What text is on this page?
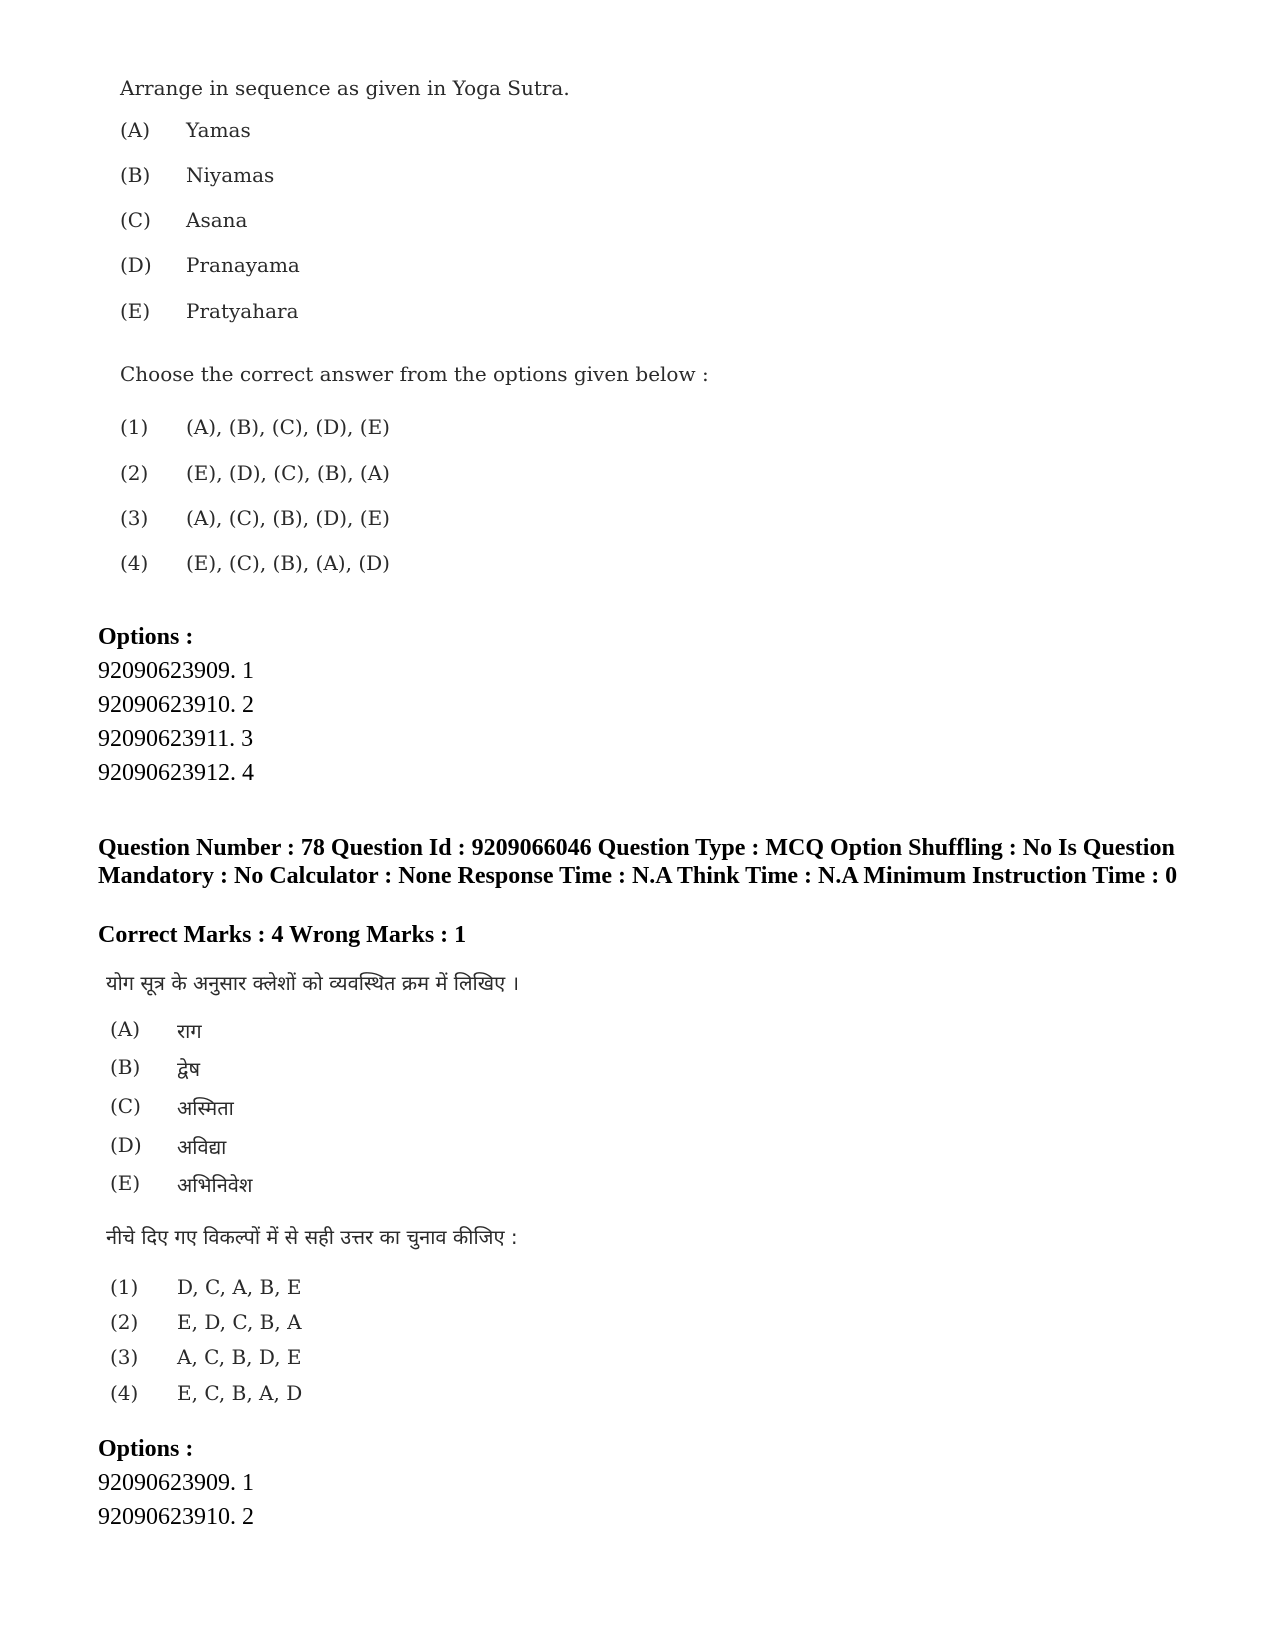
Arrange in sequence as given in Yoga Sutra.
(A) Yamas
(B) Niyamas
(C) Asana
(D) Pranayama
(E) Pratyahara
Choose the correct answer from the options given below :
(1) (A), (B), (C), (D), (E)
(2) (E), (D), (C), (B), (A)
(3) (A), (C), (B), (D), (E)
(4) (E), (C), (B), (A), (D)
Options :
92090623909. 1
92090623910. 2
92090623911. 3
92090623912. 4
Question Number : 78 Question Id : 9209066046 Question Type : MCQ Option Shuffling : No Is Question Mandatory : No Calculator : None Response Time : N.A Think Time : N.A Minimum Instruction Time : 0
Correct Marks : 4 Wrong Marks : 1
योग सूत्र के अनुसार क्लेशों को व्यवस्थित क्रम में लिखिए ।
(A) राग
(B) द्वेष
(C) अस्मिता
(D) अविद्या
(E) अभिनिवेश
नीचे दिए गए विकल्पों में से सही उत्तर का चुनाव कीजिए :
(1) D, C, A, B, E
(2) E, D, C, B, A
(3) A, C, B, D, E
(4) E, C, B, A, D
Options :
92090623909. 1
92090623910. 2
